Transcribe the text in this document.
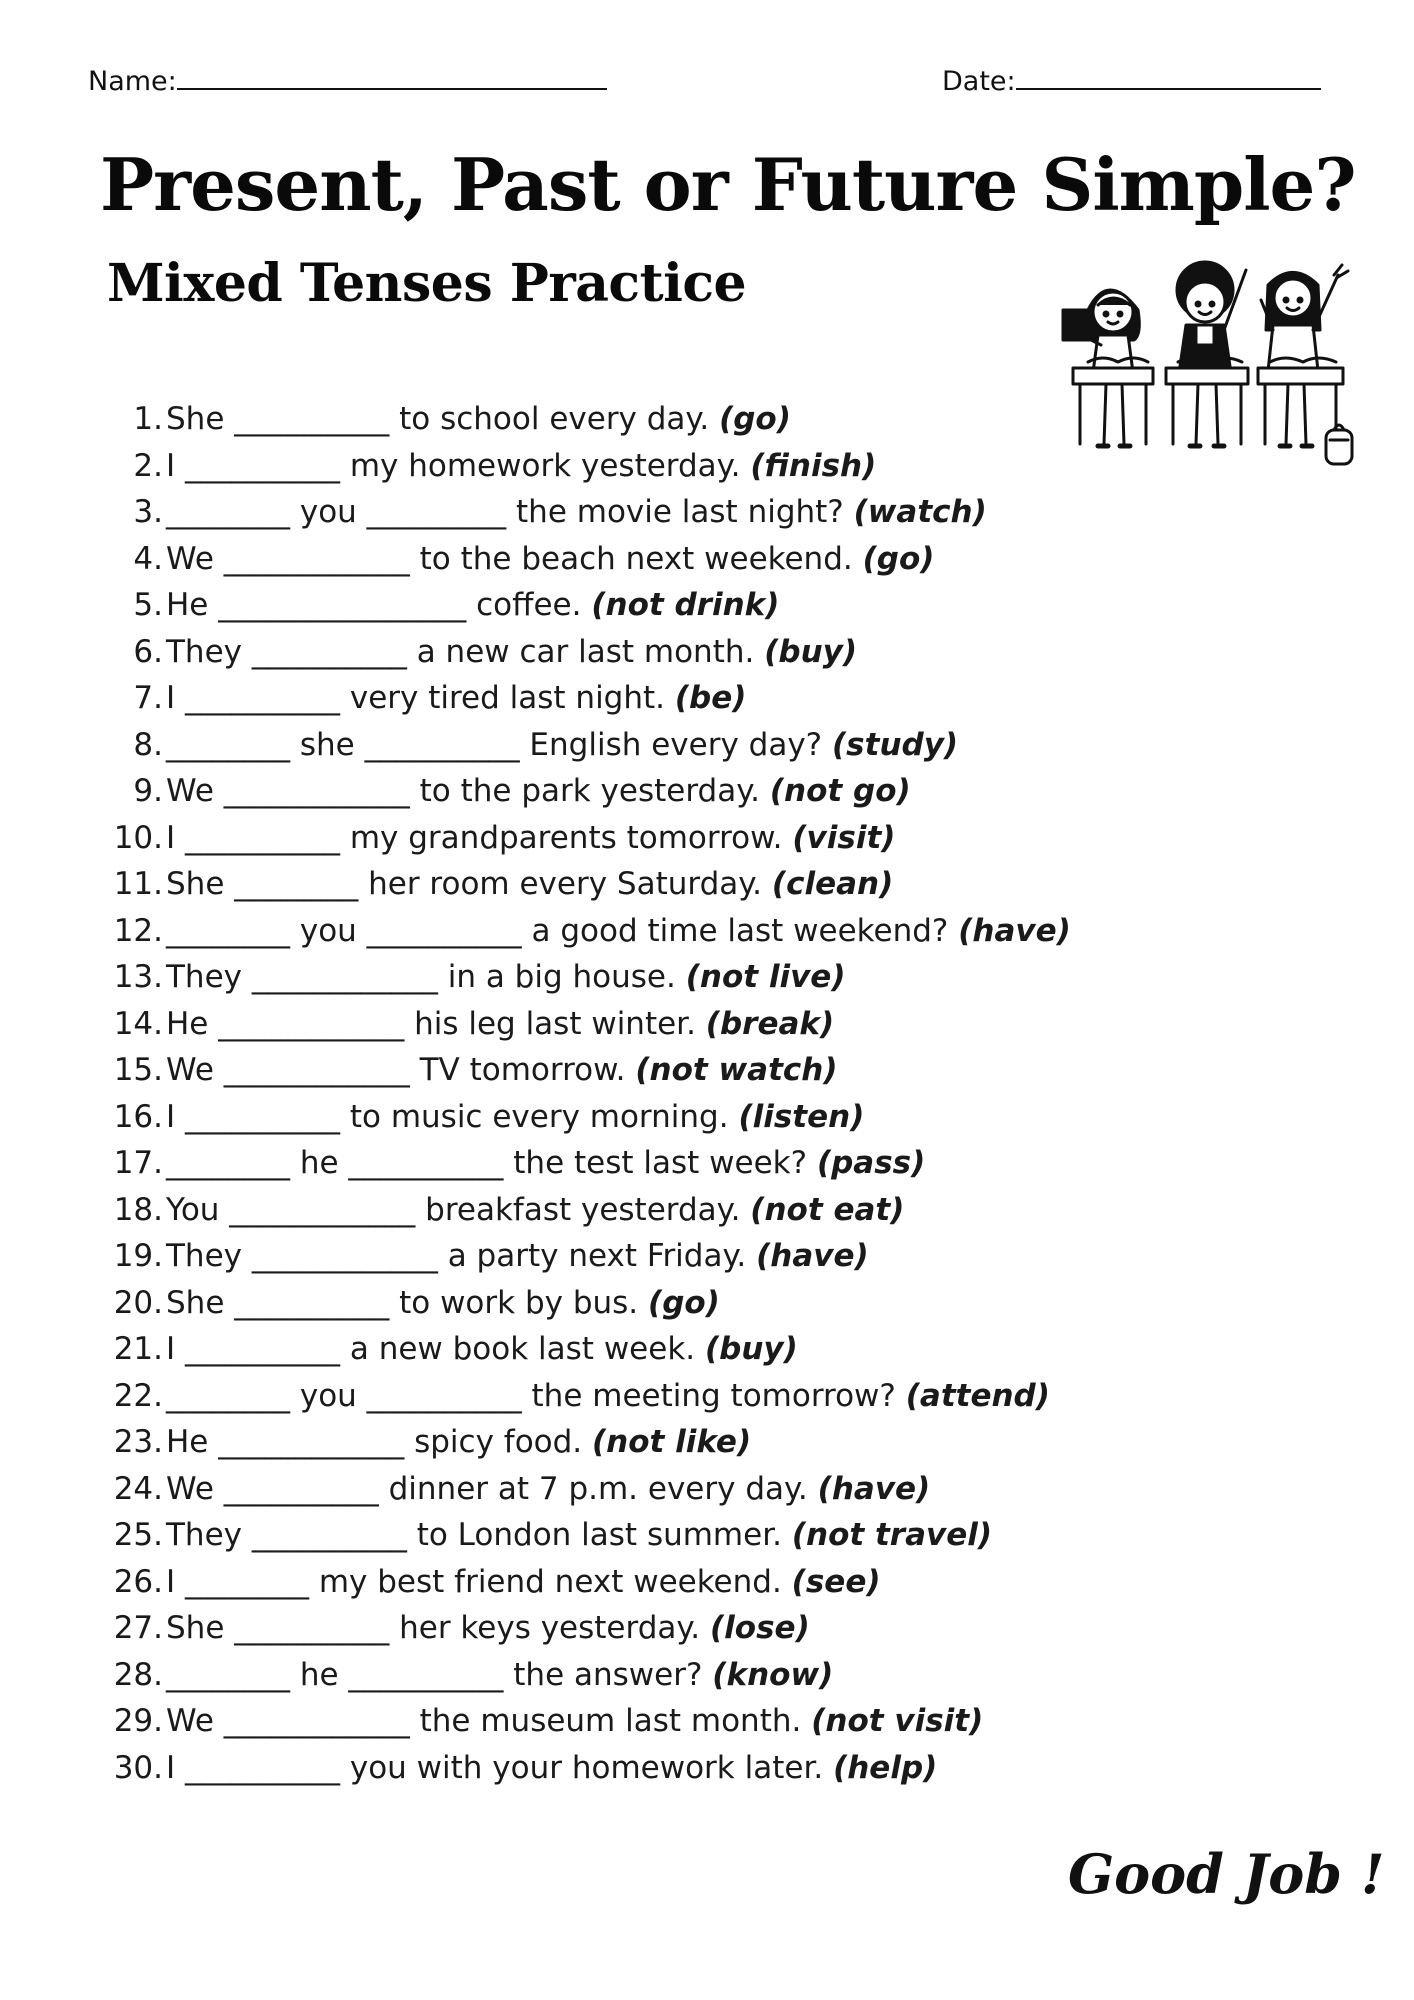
Name:	Date:
Present, Past or Future Simple?
Mixed Tenses Practice
1.She __________ to school every day. (go)
2.I __________ my homework yesterday. (finish)
3.________ you _________ the movie last night? (watch)
4.We ____________ to the beach next weekend. (go)
5.He ________________ coffee. (not drink)
6.They __________ a new car last month. (buy)
7.I __________ very tired last night. (be)
8.________ she __________ English every day? (study)
9.We ____________ to the park yesterday. (not go)
10.I __________ my grandparents tomorrow. (visit)
11.She ________ her room every Saturday. (clean)
12.________ you __________ a good time last weekend? (have)
13.They ____________ in a big house. (not live)
14.He ____________ his leg last winter. (break)
15.We ____________ TV tomorrow. (not watch)
16.I __________ to music every morning. (listen)
17.________ he __________ the test last week? (pass)
18.You ____________ breakfast yesterday. (not eat)
19.They ____________ a party next Friday. (have)
20.She __________ to work by bus. (go)
21.I __________ a new book last week. (buy)
22.________ you __________ the meeting tomorrow? (attend)
23.He ____________ spicy food. (not like)
24.We __________ dinner at 7 p.m. every day. (have)
25.They __________ to London last summer. (not travel)
26.I ________ my best friend next weekend. (see)
27.She __________ her keys yesterday. (lose)
28.________ he __________ the answer? (know)
29.We ____________ the museum last month. (not visit)
30.I __________ you with your homework later. (help)
Good Job !
